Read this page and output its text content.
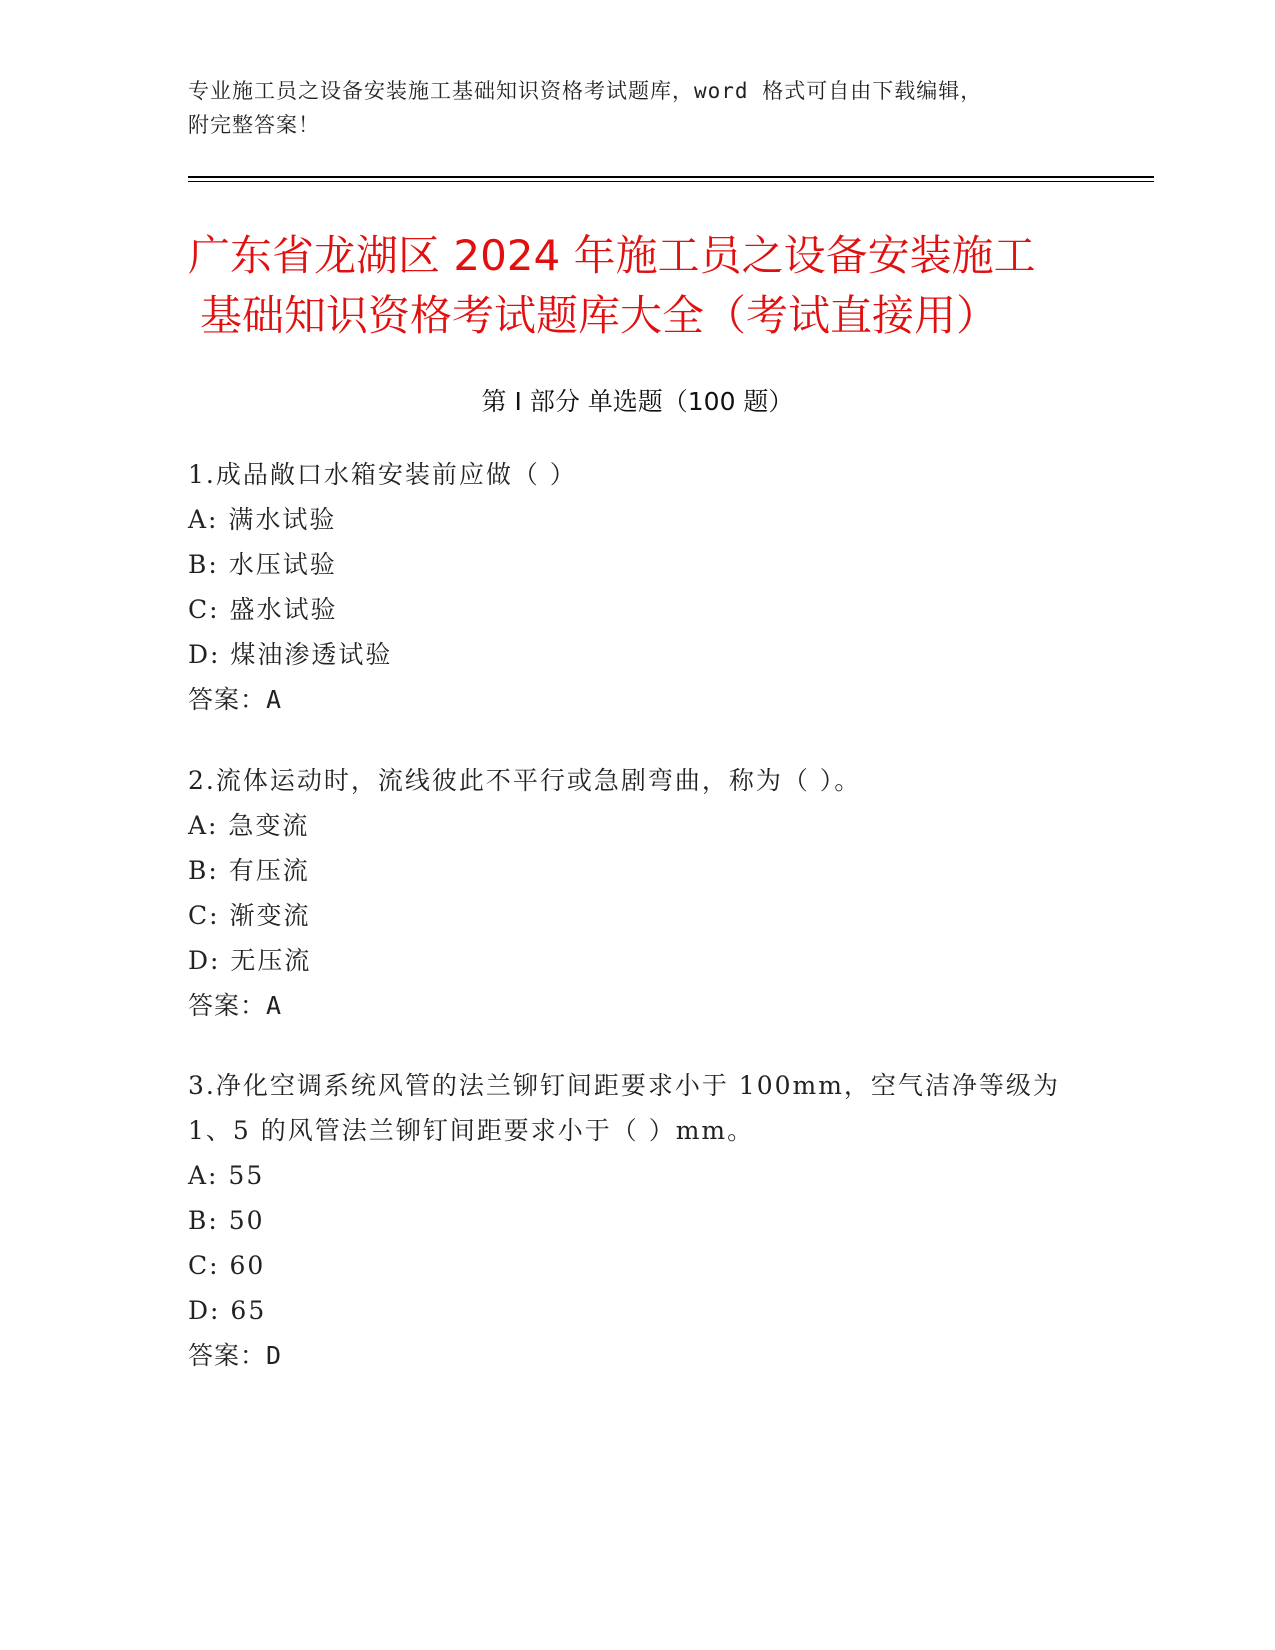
专业施工员之设备安装施工基础知识资格考试题库，word 格式可自由下载编辑，
附完整答案！
广东省龙湖区 2024 年施工员之设备安装施工
基础知识资格考试题库大全（考试直接用）
第 I 部分 单选题（100 题）
1.成品敞口水箱安装前应做（ ）
A: 满水试验
B: 水压试验
C: 盛水试验
D: 煤油渗透试验
答案：A
2.流体运动时，流线彼此不平行或急剧弯曲，称为（ ）。
A: 急变流
B: 有压流
C: 渐变流
D: 无压流
答案：A
3.净化空调系统风管的法兰铆钉间距要求小于 100mm，空气洁净等级为
1、5 的风管法兰铆钉间距要求小于（ ）mm。
A: 55
B: 50
C: 60
D: 65
答案：D
